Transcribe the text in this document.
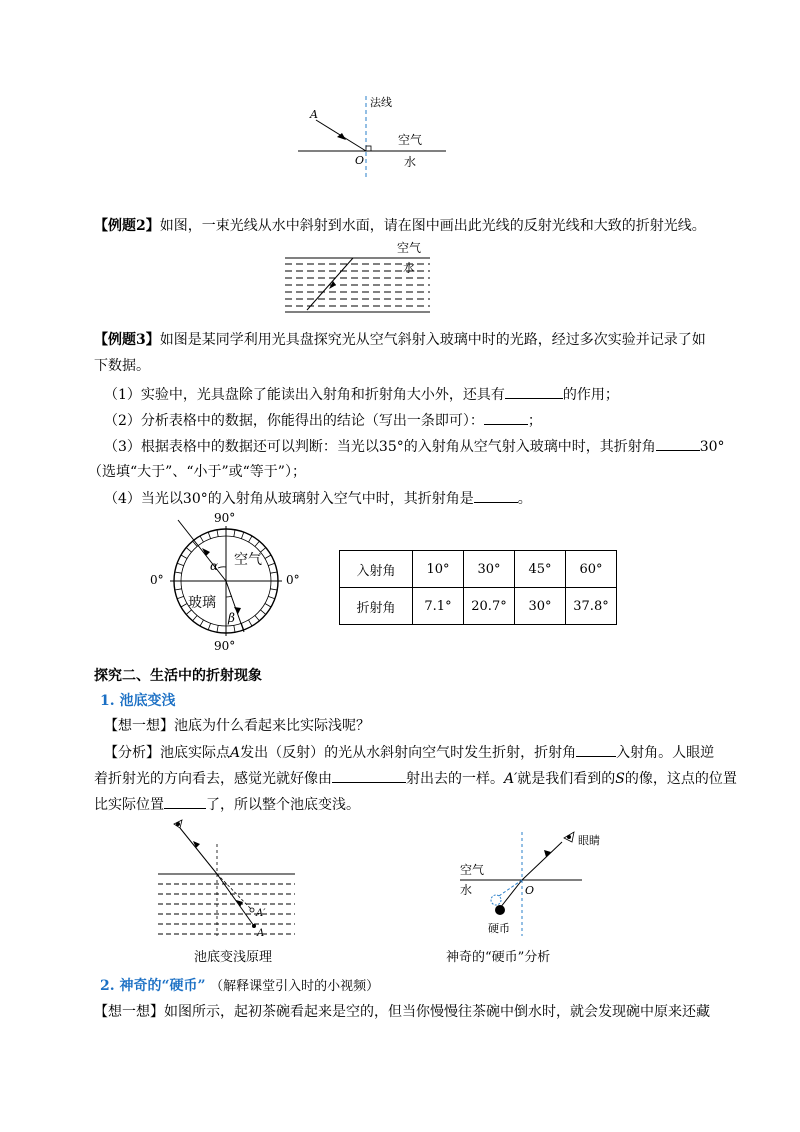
法线
A
O
空气
水
【例题2】如图，一束光线从水中斜射到水面，请在图中画出此光线的反射光线和大致的折射光线。
空气
水
【例题3】如图是某同学利用光具盘探究光从空气斜射入玻璃中时的光路，经过多次实验并记录了如
下数据。
（1）实验中，光具盘除了能读出入射角和折射角大小外，还具有	的作用；
（2）分析表格中的数据，你能得出的结论（写出一条即可）：	；
（3）根据表格中的数据还可以判断：当光以35°的入射角从空气射入玻璃中时，其折射角	30°
（选填“大于”、“小于”或“等于”）；
（4）当光以30°的入射角从玻璃射入空气中时，其折射角是	。
90°
90°
0°	0°
空气
玻璃
α
β
入射角	10°	30°	45°	60°
折射角	7.1°	20.7°	30°	37.8°
探究二、生活中的折射现象
1. 池底变浅
【想一想】池底为什么看起来比实际浅呢？
【分析】池底实际点A发出（反射）的光从水斜射向空气时发生折射，折射角	入射角。人眼逆
着折射光的方向看去，感觉光就好像由	射出去的一样。A′就是我们看到的S的像，这点的位置
比实际位置	了，所以整个池底变浅。
A
A′
池底变浅原理
空气
水	O
眼睛
硬币
神奇的“硬币”分析
2. 神奇的“硬币” （解释课堂引入时的小视频）
【想一想】如图所示，起初茶碗看起来是空的，但当你慢慢往茶碗中倒水时，就会发现碗中原来还藏
